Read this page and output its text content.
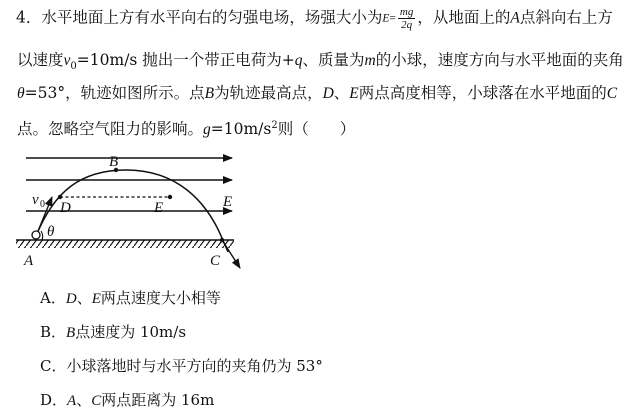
4．水平地面上方有水平向右的匀强电场，场强大小为$E= \frac{mg}{2q}$ ，从地面上的A点斜向右上方
以速度$v_0=10m/s$ 抛出一个带正电荷为+q、质量为m的小球，速度方向与水平地面的夹角
θ=53°，轨迹如图所示。点B为轨迹最高点，D、E两点高度相等，小球落在水平地面的C
点。忽略空气阻力的影响。$g=10m/s^2$则（　　）
B
D	E	E
v 0
θ
A	C
A．D、E两点速度大小相等
B．B点速度为 10m/s
C．小球落地时与水平方向的夹角仍为 53°
D．A、C两点距离为 16m
